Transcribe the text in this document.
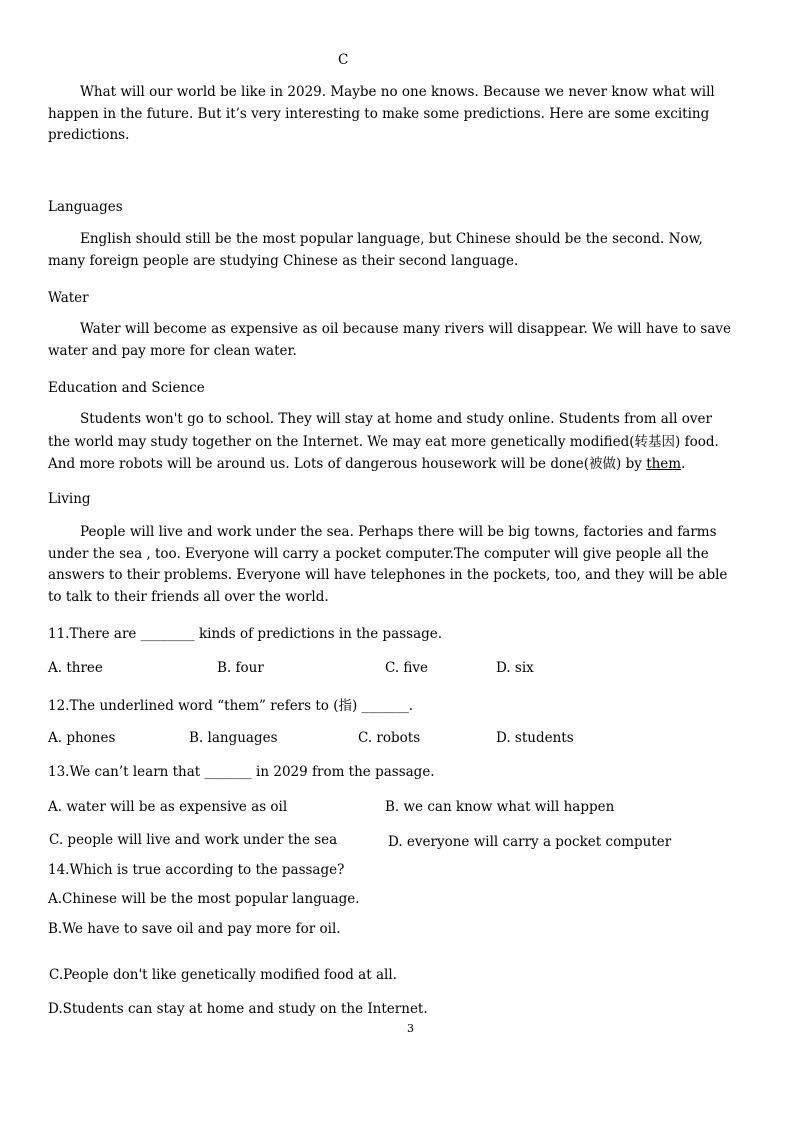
C
What will our world be like in 2029. Maybe no one knows. Because we never know what will happen in the future. But it’s very interesting to make some predictions. Here are some exciting predictions.
Languages
English should still be the most popular language, but Chinese should be the second. Now, many foreign people are studying Chinese as their second language.
Water
Water will become as expensive as oil because many rivers will disappear. We will have to save water and pay more for clean water.
Education and Science
Students won't go to school. They will stay at home and study online. Students from all over the world may study together on the Internet. We may eat more genetically modified(转基因) food. And more robots will be around us. Lots of dangerous housework will be done(被做) by them.
Living
People will live and work under the sea. Perhaps there will be big towns, factories and farms under the sea , too. Everyone will carry a pocket computer.The computer will give people all the answers to their problems. Everyone will have telephones in the pockets, too, and they will be able to talk to their friends all over the world.
11.There are ________ kinds of predictions in the passage.
A. three	B. four	C. five	D. six
12.The underlined word “them” refers to (指) _______.
A. phones	B. languages	C. robots	D. students
13.We can’t learn that _______ in 2029 from the passage.
A. water will be as expensive as oil	B. we can know what will happen
C. people will live and work under the sea	D. everyone will carry a pocket computer
14.Which is true according to the passage?
A.Chinese will be the most popular language.
B.We have to save oil and pay more for oil.
C.People don't like genetically modified food at all.
D.Students can stay at home and study on the Internet.
3
